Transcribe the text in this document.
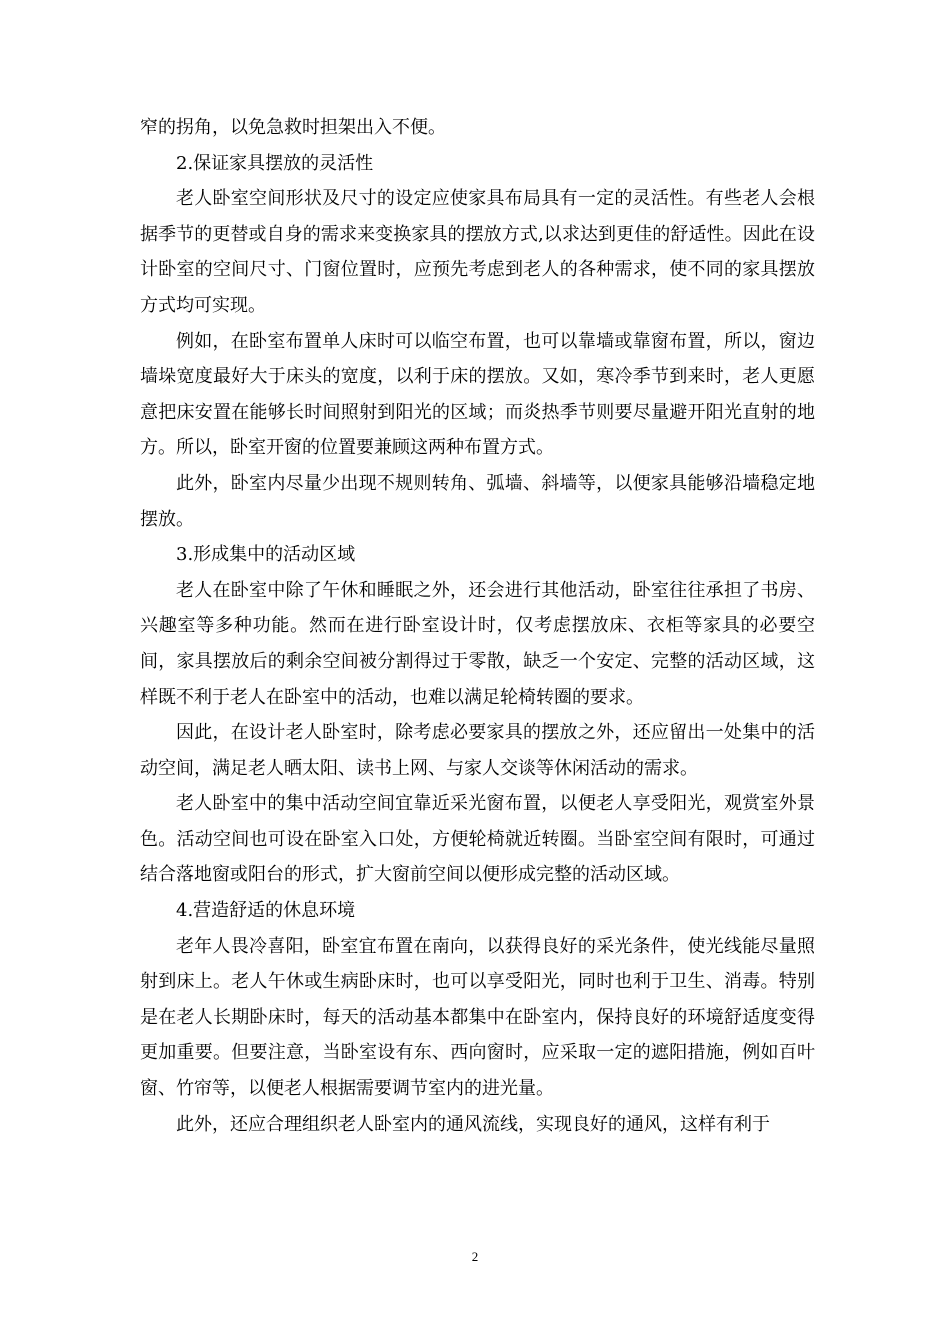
窄的拐角，以免急救时担架出入不便。

2.保证家具摆放的灵活性

老人卧室空间形状及尺寸的设定应使家具布局具有一定的灵活性。有些老人会根据季节的更替或自身的需求来变换家具的摆放方式,以求达到更佳的舒适性。因此在设计卧室的空间尺寸、门窗位置时，应预先考虑到老人的各种需求，使不同的家具摆放方式均可实现。

例如，在卧室布置单人床时可以临空布置，也可以靠墙或靠窗布置，所以，窗边墙垛宽度最好大于床头的宽度，以利于床的摆放。又如，寒冷季节到来时，老人更愿意把床安置在能够长时间照射到阳光的区域；而炎热季节则要尽量避开阳光直射的地方。所以，卧室开窗的位置要兼顾这两种布置方式。

此外，卧室内尽量少出现不规则转角、弧墙、斜墙等，以便家具能够沿墙稳定地摆放。

3.形成集中的活动区域

老人在卧室中除了午休和睡眠之外，还会进行其他活动，卧室往往承担了书房、兴趣室等多种功能。然而在进行卧室设计时，仅考虑摆放床、衣柜等家具的必要空间，家具摆放后的剩余空间被分割得过于零散，缺乏一个安定、完整的活动区域，这样既不利于老人在卧室中的活动，也难以满足轮椅转圈的要求。

因此，在设计老人卧室时，除考虑必要家具的摆放之外，还应留出一处集中的活动空间，满足老人晒太阳、读书上网、与家人交谈等休闲活动的需求。

老人卧室中的集中活动空间宜靠近采光窗布置，以便老人享受阳光，观赏室外景色。活动空间也可设在卧室入口处，方便轮椅就近转圈。当卧室空间有限时，可通过结合落地窗或阳台的形式，扩大窗前空间以便形成完整的活动区域。

4.营造舒适的休息环境

老年人畏冷喜阳，卧室宜布置在南向，以获得良好的采光条件，使光线能尽量照射到床上。老人午休或生病卧床时，也可以享受阳光，同时也利于卫生、消毒。特别是在老人长期卧床时，每天的活动基本都集中在卧室内，保持良好的环境舒适度变得更加重要。但要注意，当卧室设有东、西向窗时，应采取一定的遮阳措施，例如百叶窗、竹帘等，以便老人根据需要调节室内的进光量。

此外，还应合理组织老人卧室内的通风流线，实现良好的通风，这样有利于

2
